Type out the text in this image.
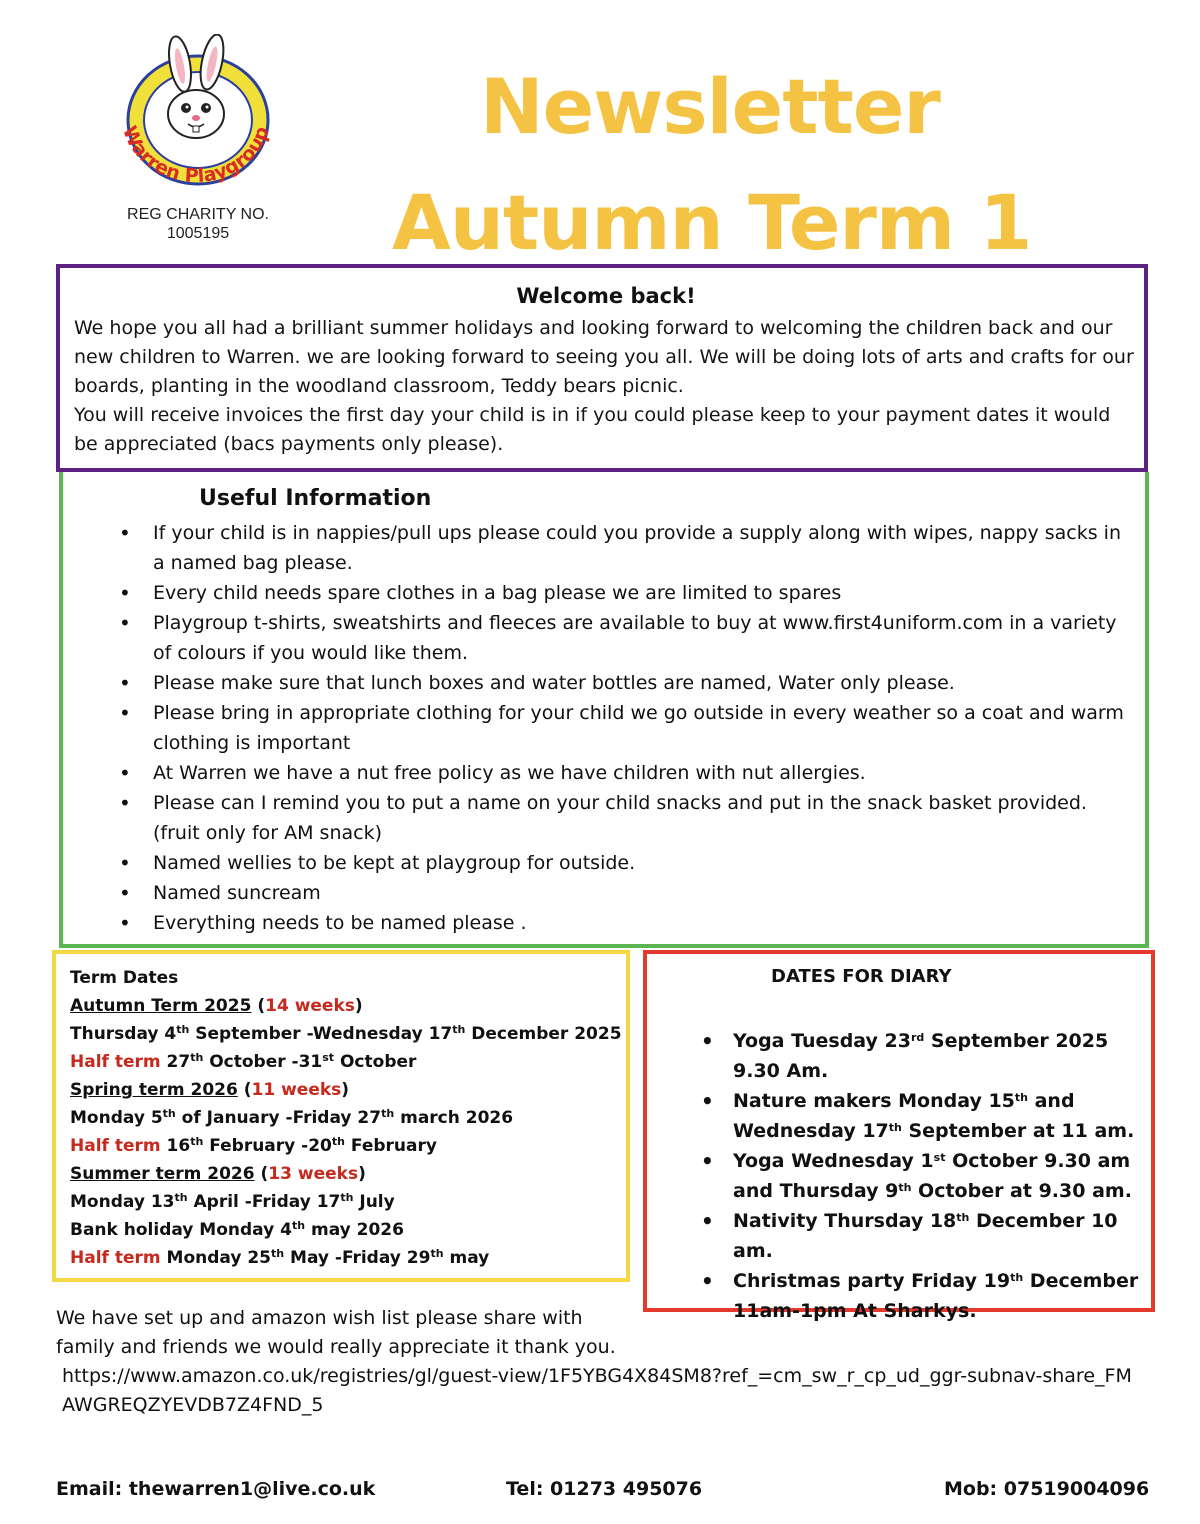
Warren Playgroup
REG CHARITY NO.
1005195
Newsletter
Autumn Term 1
Welcome back!

We hope you all had a brilliant summer holidays and looking forward to welcoming the children back and our new children to Warren. we are looking forward to seeing you all. We will be doing lots of arts and crafts for our boards, planting in the woodland classroom, Teddy bears picnic.

You will receive invoices the first day your child is in if you could please keep to your payment dates it would be appreciated (bacs payments only please).

Useful Information
• If your child is in nappies/pull ups please could you provide a supply along with wipes, nappy sacks in a named bag please.
• Every child needs spare clothes in a bag please we are limited to spares
• Playgroup t-shirts, sweatshirts and fleeces are available to buy at www.first4uniform.com in a variety of colours if you would like them.
• Please make sure that lunch boxes and water bottles are named, Water only please.
• Please bring in appropriate clothing for your child we go outside in every weather so a coat and warm clothing is important
• At Warren we have a nut free policy as we have children with nut allergies.
• Please can I remind you to put a name on your child snacks and put in the snack basket provided. (fruit only for AM snack)
• Named wellies to be kept at playgroup for outside.
• Named suncream
• Everything needs to be named please .
Term Dates
Autumn Term 2025 (14 weeks)
Thursday 4th September -Wednesday 17th December 2025
Half term 27th October -31st October
Spring term 2026 (11 weeks)
Monday 5th of January -Friday 27th march 2026
Half term 16th February -20th February
Summer term 2026 (13 weeks)
Monday 13th April -Friday 17th July
Bank holiday Monday 4th may 2026
Half term Monday 25th May -Friday 29th may
DATES FOR DIARY
• Yoga Tuesday 23rd September 2025 9.30 Am.
• Nature makers Monday 15th and Wednesday 17th September at 11 am.
• Yoga Wednesday 1st October 9.30 am and Thursday 9th October at 9.30 am.
• Nativity Thursday 18th December 10 am.
• Christmas party Friday 19th December 11am-1pm At Sharkys.

We have set up and amazon wish list please share with family and friends we would really appreciate it thank you.

https://www.amazon.co.uk/registries/gl/guest-view/1F5YBG4X84SM8?ref_=cm_sw_r_cp_ud_ggr-subnav-share_FMAWGREQZYEVDB7Z4FND_5

Email: thewarren1@live.co.uk	Tel: 01273 495076	Mob: 07519004096
